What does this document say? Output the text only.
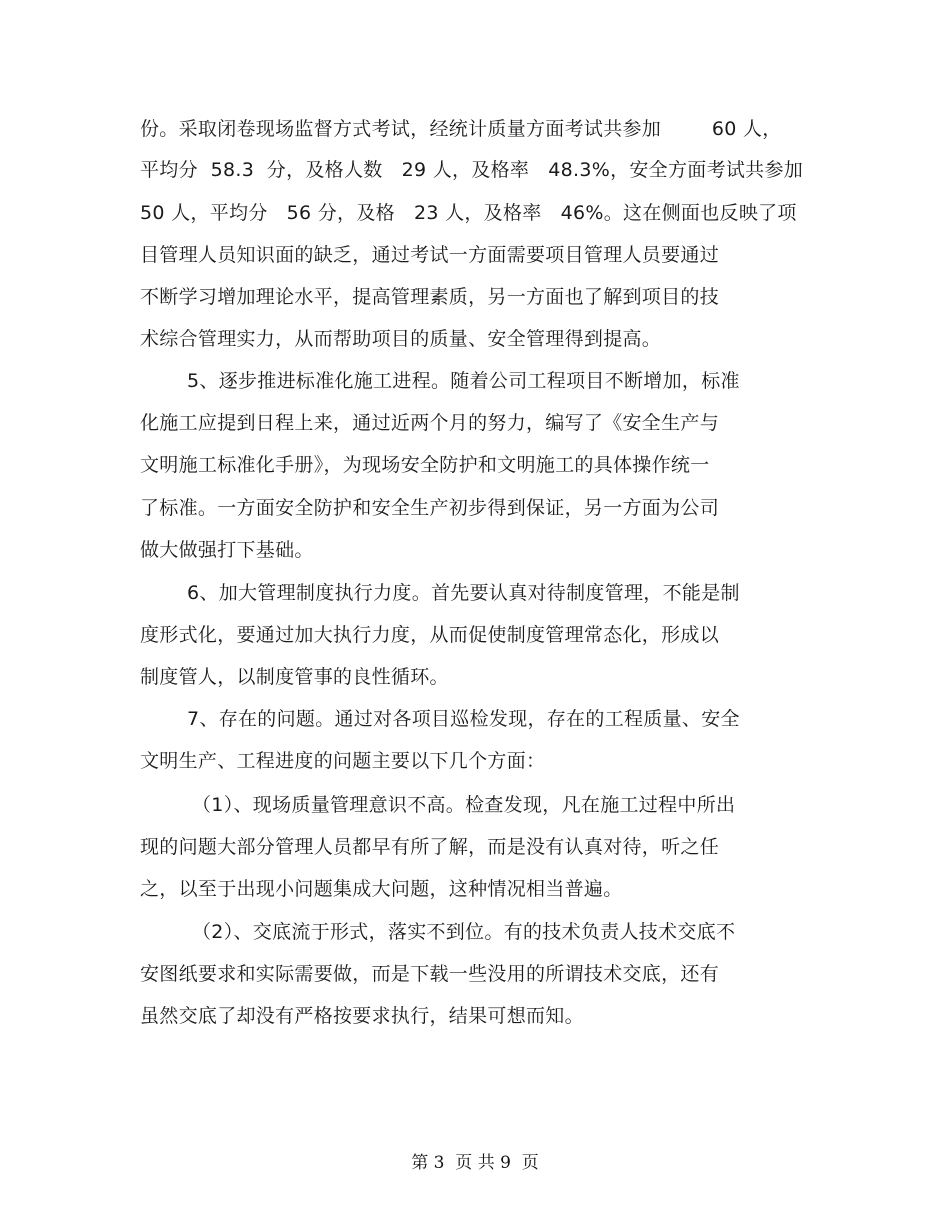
份。采取闭卷现场监督方式考试，经统计质量方面考试共参加        60 人，
平均分  58.3  分，及格人数   29 人，及格率   48.3%，安全方面考试共参加
50 人，平均分   56 分，及格   23 人，及格率   46%。这在侧面也反映了项
目管理人员知识面的缺乏，通过考试一方面需要项目管理人员要通过
不断学习增加理论水平，提高管理素质，另一方面也了解到项目的技
术综合管理实力，从而帮助项目的质量、安全管理得到提高。
5、逐步推进标准化施工进程。随着公司工程项目不断增加，标准
化施工应提到日程上来，通过近两个月的努力，编写了《安全生产与
文明施工标准化手册》，为现场安全防护和文明施工的具体操作统一
了标准。一方面安全防护和安全生产初步得到保证，另一方面为公司
做大做强打下基础。
6、加大管理制度执行力度。首先要认真对待制度管理，不能是制
度形式化，要通过加大执行力度，从而促使制度管理常态化，形成以
制度管人，以制度管事的良性循环。
7、存在的问题。通过对各项目巡检发现，存在的工程质量、安全
文明生产、工程进度的问题主要以下几个方面：
（1）、现场质量管理意识不高。检查发现，凡在施工过程中所出
现的问题大部分管理人员都早有所了解，而是没有认真对待，听之任
之，以至于出现小问题集成大问题，这种情况相当普遍。
（2）、交底流于形式，落实不到位。有的技术负责人技术交底不
安图纸要求和实际需要做，而是下载一些没用的所谓技术交底，还有
虽然交底了却没有严格按要求执行，结果可想而知。
第 3  页 共 9  页
